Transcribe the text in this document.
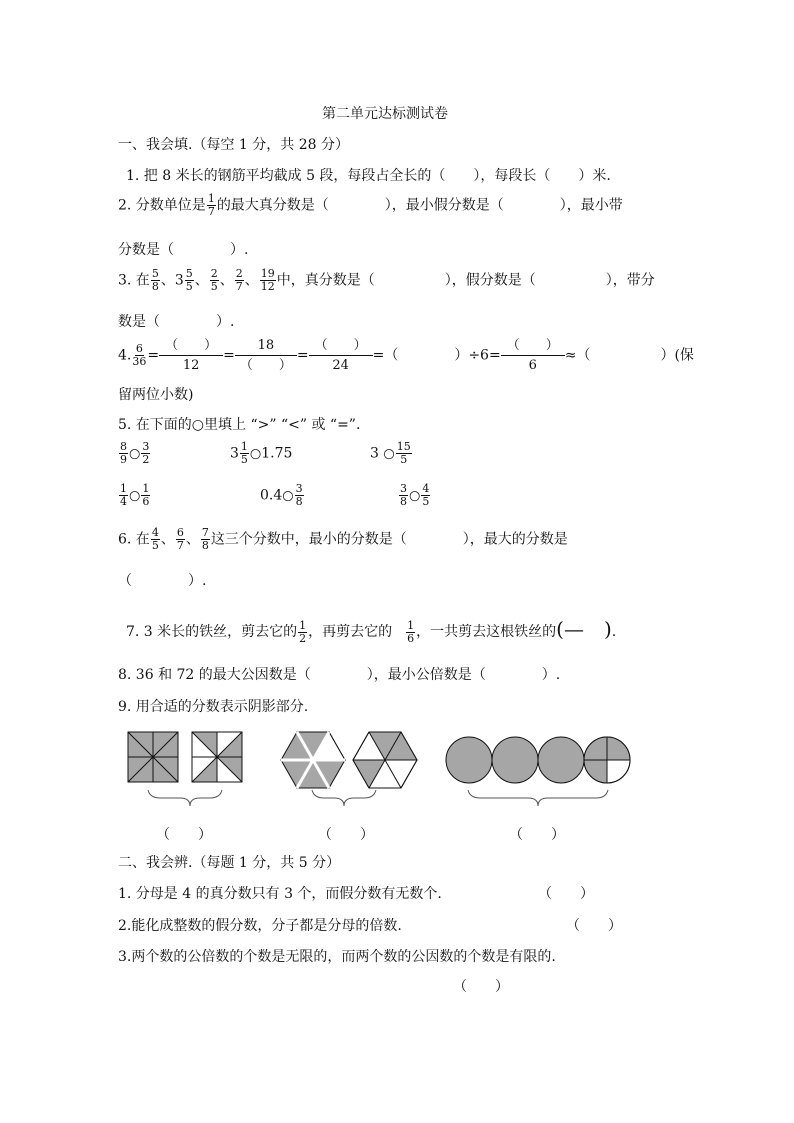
第二单元达标测试卷
一、我会填.（每空 1 分，共 28 分）
1. 把 8 米长的钢筋平均截成 5 段，每段占全长的（　　），每段长（　　）米.
2. 分数单位是 $\frac{1}{7}$ 的最大真分数是（　　　　），最小假分数是（　　　　），最小带
分数是（　　　　）.
3. 在 $\frac{5}{8}$ 、$3 \frac{5}{5}$ 、 $\frac{2}{5}$ 、 $\frac{2}{7}$ 、 $\frac{19}{12}$ 中，真分数是（　　　　　），假分数是（　　　　　），带分
数是（　　　　）.
4. $\frac{6}{36}$ =
（　　）
12
=
18
（　　）
=
（　　）
24
=（　　　　）÷6=
（　　）
6
≈（　　　　　）(保
留两位小数)
5. 在下面的○里填上 “>” “<” 或 “=”.
$\frac{8}{9}$ ○ $\frac{3}{2}$	$3 \frac{1}{5}$ ○1.75	3 ○ $\frac{15}{5}$
$\frac{1}{4}$ ○ $\frac{1}{6}$	0.4○ $\frac{3}{8}$	$\frac{3}{8}$ ○ $\frac{4}{5}$
6. 在 $\frac{4}{5}$ 、 $\frac{6}{7}$ 、 $\frac{7}{8}$ 这三个分数中，最小的分数是（　　　　），最大的分数是
（　　　　）.
7. 3 米长的铁丝，剪去它的 $\frac{1}{2}$ ，再剪去它的 $\frac{1}{6}$ ，一共剪去这根铁丝的(—　).
8. 36 和 72 的最大公因数是（　　　　），最小公倍数是（　　　　）.
9. 用合适的分数表示阴影部分.
（　　）	（　　）	（　　）
二、我会辨.（每题 1 分，共 5 分）
1. 分母是 4 的真分数只有 3 个，而假分数有无数个.	（　　）
2.能化成整数的假分数，分子都是分母的倍数.	（　　）
3.两个数的公倍数的个数是无限的，而两个数的公因数的个数是有限的.
（　　）
